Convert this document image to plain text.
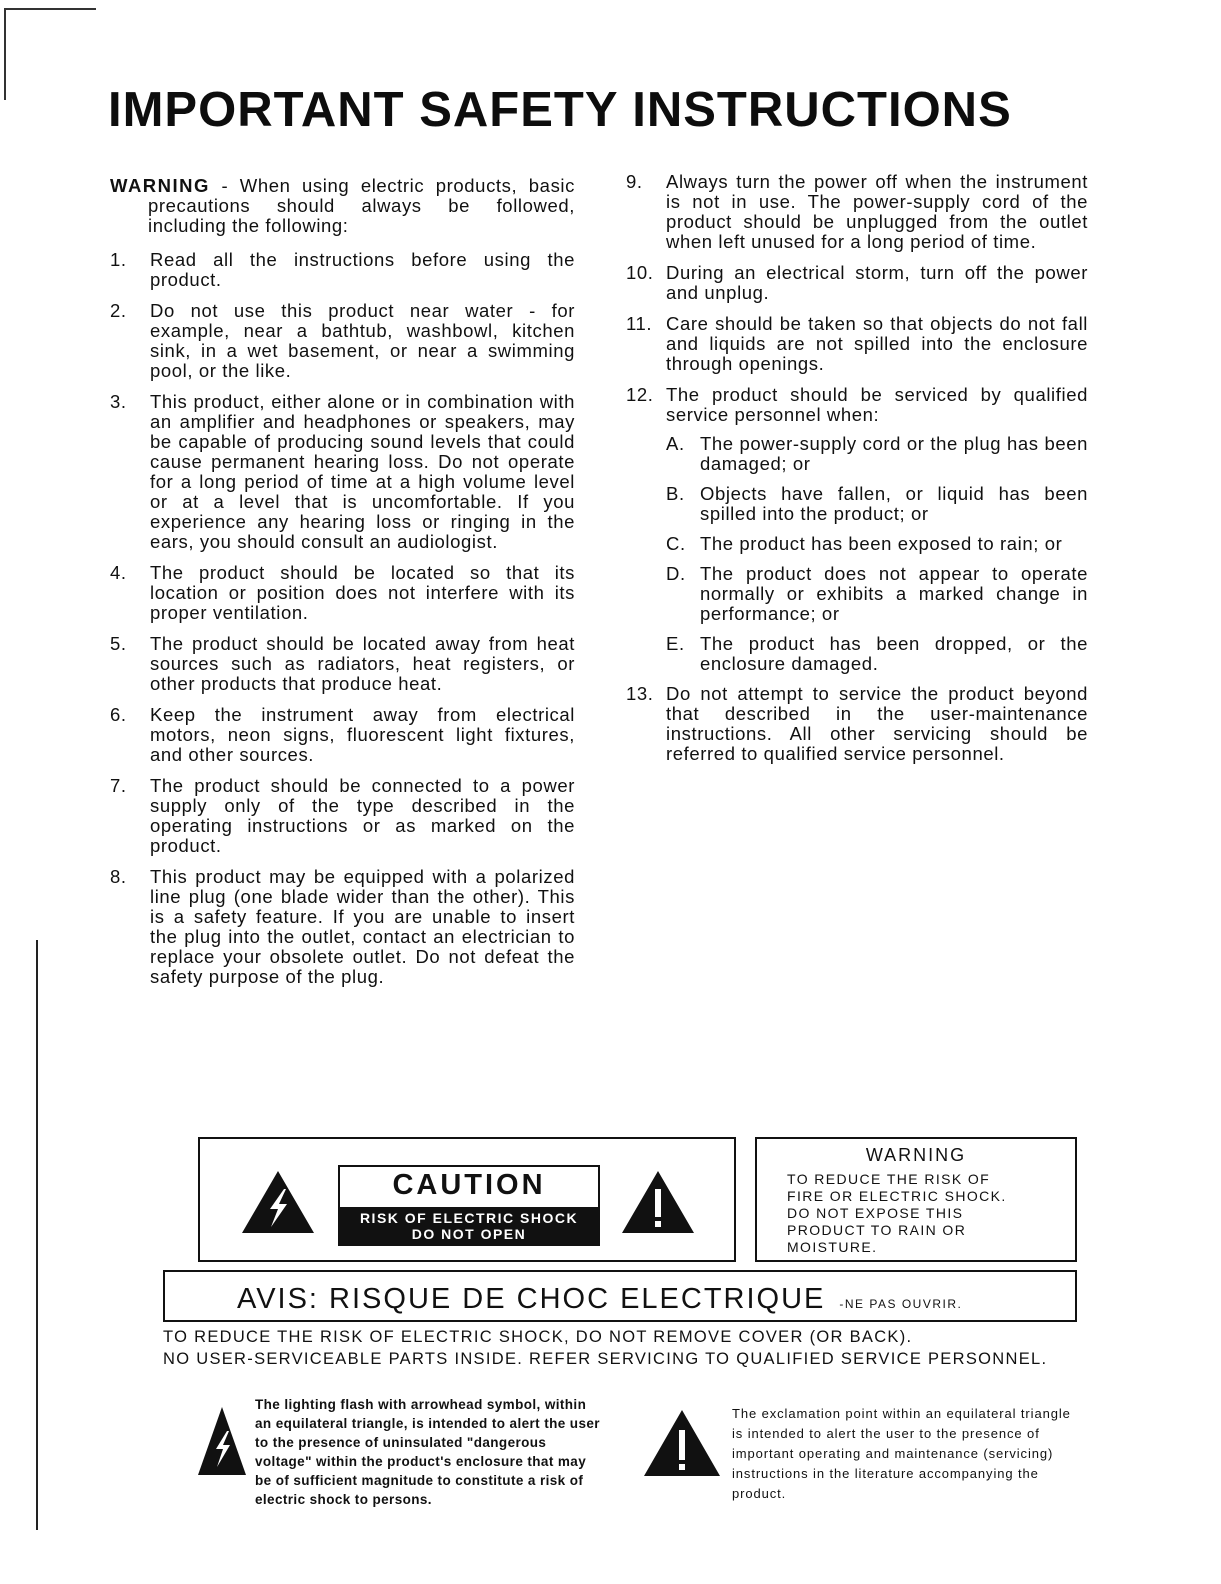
IMPORTANT SAFETY INSTRUCTIONS

WARNING - When using electric products, basic precautions should always be followed, including the following:

1.	Read all the instructions before using the product.
2.	Do not use this product near water - for example, near a bathtub, washbowl, kitchen sink, in a wet basement, or near a swimming pool, or the like.
3.	This product, either alone or in combination with an amplifier and headphones or speakers, may be capable of producing sound levels that could cause permanent hearing loss. Do not operate for a long period of time at a high volume level or at a level that is uncomfortable. If you experience any hearing loss or ringing in the ears, you should consult an audiologist.
4.	The product should be located so that its location or position does not interfere with its proper ventilation.
5.	The product should be located away from heat sources such as radiators, heat registers, or other products that produce heat.
6.	Keep the instrument away from electrical motors, neon signs, fluorescent light fixtures, and other sources.
7.	The product should be connected to a power supply only of the type described in the operating instructions or as marked on the product.
8.	This product may be equipped with a polarized line plug (one blade wider than the other). This is a safety feature. If you are unable to insert the plug into the outlet, contact an electrician to replace your obsolete outlet. Do not defeat the safety purpose of the plug.
9.	Always turn the power off when the instrument is not in use. The power-supply cord of the product should be unplugged from the outlet when left unused for a long period of time.
10. During an electrical storm, turn off the power and unplug.
11. Care should be taken so that objects do not fall and liquids are not spilled into the enclosure through openings.
12. The product should be serviced by qualified service personnel when:
A. The power-supply cord or the plug has been damaged; or
B. Objects have fallen, or liquid has been spilled into the product; or
C. The product has been exposed to rain; or
D. The product does not appear to operate normally or exhibits a marked change in performance; or
E. The product has been dropped, or the enclosure damaged.
13. Do not attempt to service the product beyond that described in the user-maintenance instructions. All other servicing should be referred to qualified service personnel.
CAUTION
RISK OF ELECTRIC SHOCK
DO NOT OPEN
WARNING
TO REDUCE THE RISK OF
FIRE OR ELECTRIC SHOCK.
DO NOT EXPOSE THIS
PRODUCT TO RAIN OR
MOISTURE.
AVIS: RISQUE DE CHOC ELECTRIQUE -NE PAS OUVRIR.
TO REDUCE THE RISK OF ELECTRIC SHOCK, DO NOT REMOVE COVER (OR BACK).
NO USER-SERVICEABLE PARTS INSIDE. REFER SERVICING TO QUALIFIED SERVICE PERSONNEL.
The lighting flash with arrowhead symbol, within an equilateral triangle, is intended to alert the user to the presence of uninsulated "dangerous voltage" within the product's enclosure that may be of sufficient magnitude to constitute a risk of electric shock to persons.
The exclamation point within an equilateral triangle is intended to alert the user to the presence of important operating and maintenance (servicing) instructions in the literature accompanying the product.
